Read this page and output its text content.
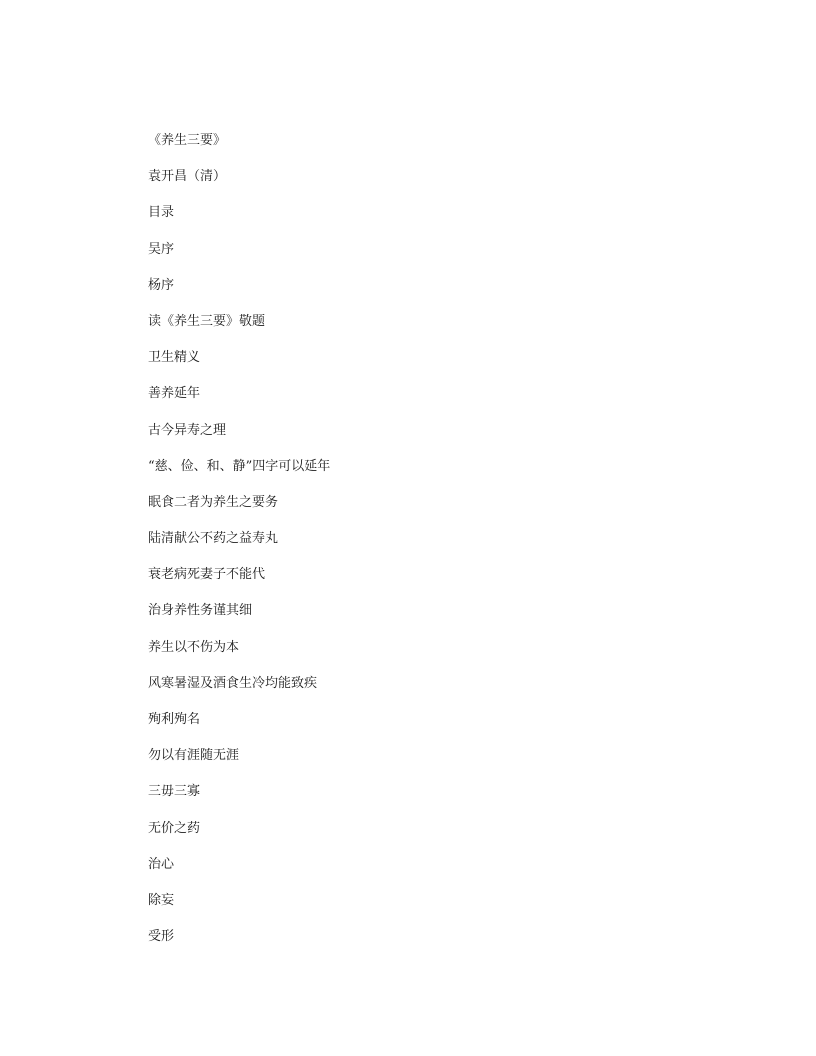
《养生三要》
袁开昌（清）
目录
吴序
杨序
读《养生三要》敬题
卫生精义
善养延年
古今异寿之理
“慈、俭、和、静”四字可以延年
眠食二者为养生之要务
陆清献公不药之益寿丸
衰老病死妻子不能代
治身养性务谨其细
养生以不伤为本
风寒暑湿及酒食生冷均能致疾
殉利殉名
勿以有涯随无涯
三毋三寡
无价之药
治心
除妄
受形
